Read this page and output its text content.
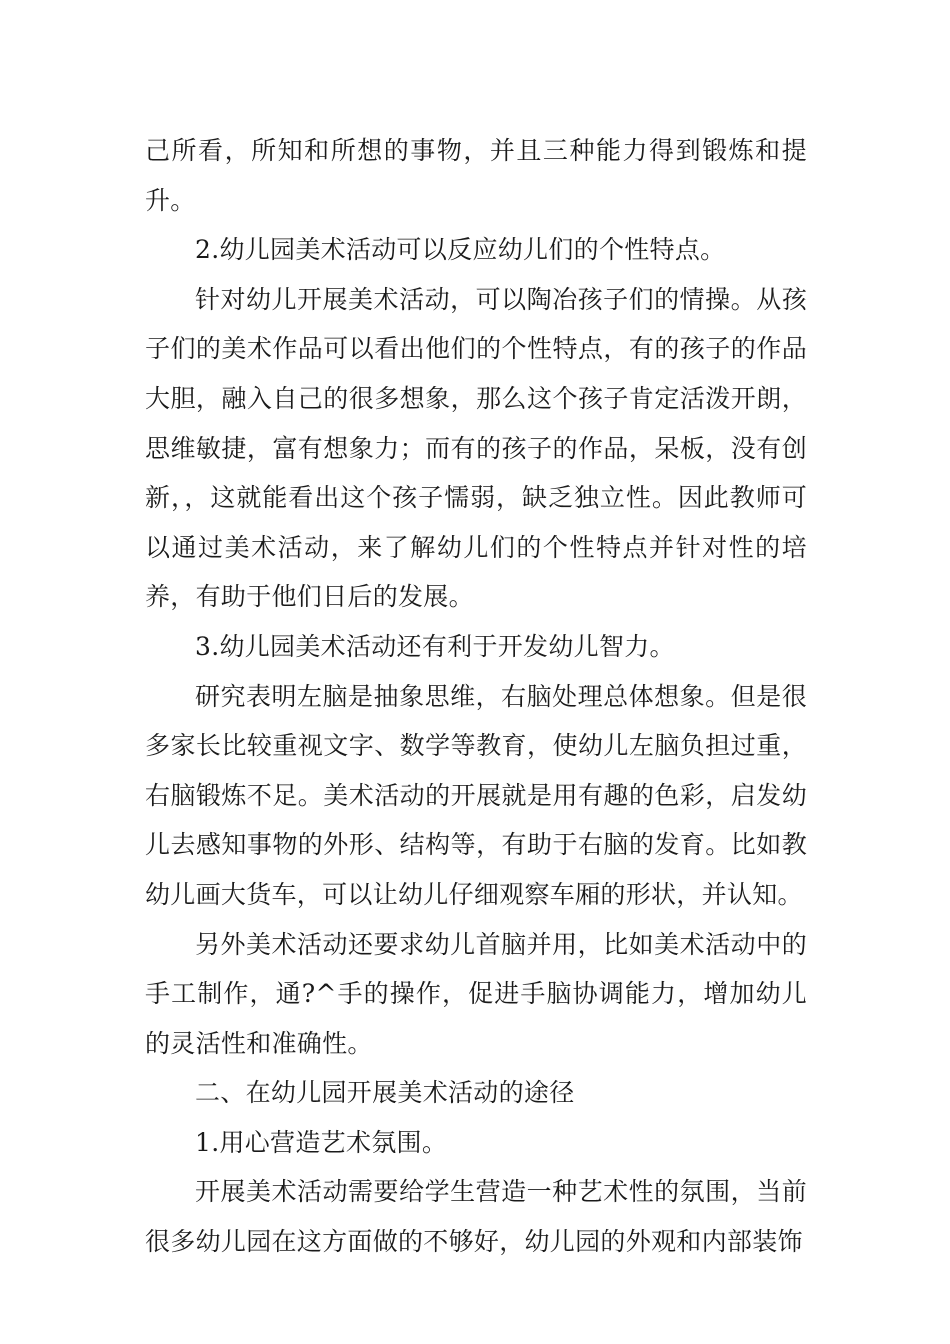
己所看，所知和所想的事物，并且三种能力得到锻炼和提升。

2.幼儿园美术活动可以反应幼儿们的个性特点。

针对幼儿开展美术活动，可以陶冶孩子们的情操。从孩子们的美术作品可以看出他们的个性特点，有的孩子的作品大胆，融入自己的很多想象，那么这个孩子肯定活泼开朗，思维敏捷，富有想象力；而有的孩子的作品，呆板，没有创新，，这就能看出这个孩子懦弱，缺乏独立性。因此教师可以通过美术活动，来了解幼儿们的个性特点并针对性的培养，有助于他们日后的发展。

3.幼儿园美术活动还有利于开发幼儿智力。

研究表明左脑是抽象思维，右脑处理总体想象。但是很多家长比较重视文字、数学等教育，使幼儿左脑负担过重，右脑锻炼不足。美术活动的开展就是用有趣的色彩，启发幼儿去感知事物的外形、结构等，有助于右脑的发育。比如教幼儿画大货车，可以让幼儿仔细观察车厢的形状，并认知。

另外美术活动还要求幼儿首脑并用，比如美术活动中的手工制作，通?^手的操作，促进手脑协调能力，增加幼儿的灵活性和准确性。

二、在幼儿园开展美术活动的途径

1.用心营造艺术氛围。

开展美术活动需要给学生营造一种艺术性的氛围，当前很多幼儿园在这方面做的不够好，幼儿园的外观和内部装饰
